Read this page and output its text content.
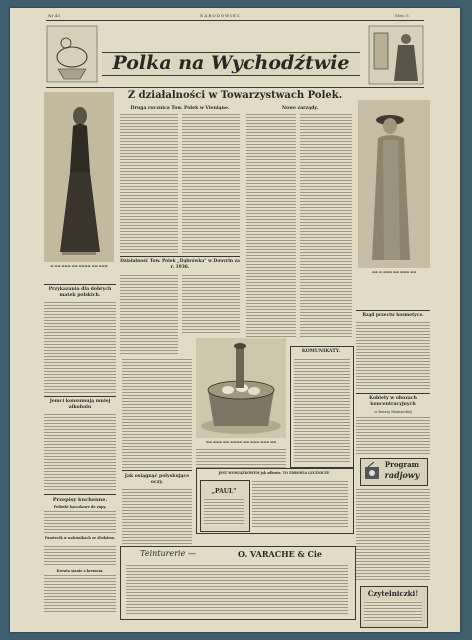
Nr 43	NARODOWIEC	Stro. 5
Polka na Wychodźtwie
Z działalności w Towarzystwach Polek.
▬ ▬▬ ▬▬▬ ▬▬ ▬▬▬▬ ▬▬ ▬▬▬
▬▬ ▬ ▬▬▬ ▬▬ ▬▬▬ ▬▬
Druga rocznica Tow. Polek w Vieniąne.	Nowe zarządy.
Działalność Tow. Polek „Dąbrówka" w Douvrin za r. 1936.
Przykazania dla dobrych matek polskich.
Jemci konsumują mniej alkoholu
Przepisy kuchenne.
Połówki karczkowe do zupy.
Pasztecik w naleśnikach ze śledziem.
Krowia sianie z kremem.
▬▬ ▬▬▬ ▬▬ ▬▬▬▬ ▬▬ ▬▬▬ ▬▬▬ ▬▬
Jak osiągnąć polyskujące oczy.
KOMUNIKATY.
Rząd przeciw kosmetyce.
Kobiety w obozach koncentracyjnych
w Rzeszy Niemieckiej
Program
radjowy
Czytelniczki!
JEST WOWIĄZKOWEM jak zdłowie. TO ZDROWIA LECZNICZE
„PAUL"
Teinturerie —	O. VARACHE & Cie
